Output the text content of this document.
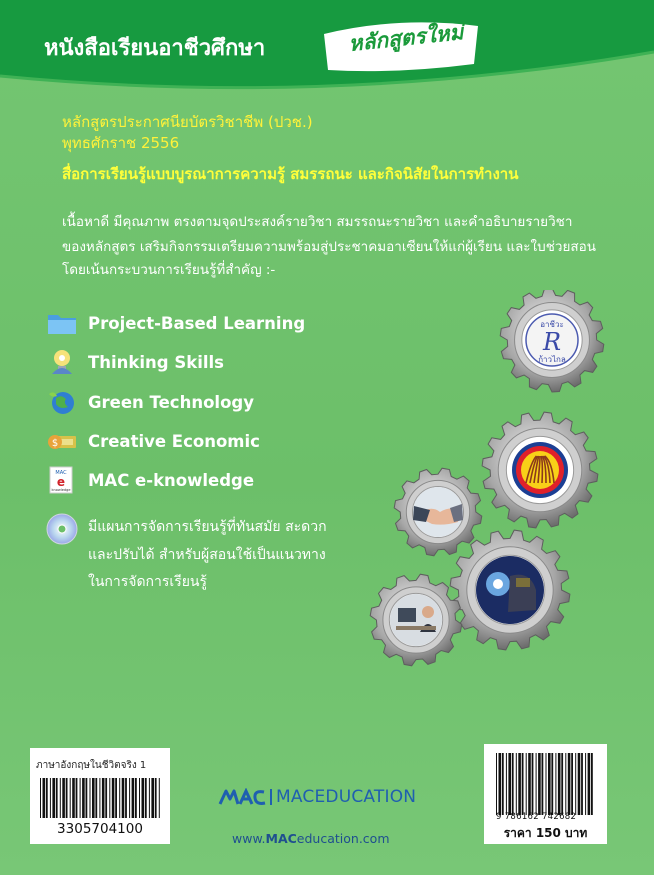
หนังสือเรียนอาชีวศึกษา	หลักสูตรใหม่
หลักสูตรประกาศนียบัตรวิชาชีพ (ปวช.)
พุทธศักราช 2556
สื่อการเรียนรู้แบบบูรณาการความรู้ สมรรถนะ และกิจนิสัยในการทำงาน
เนื้อหาดี มีคุณภาพ ตรงตามจุดประสงค์รายวิชา สมรรถนะรายวิชา และคำอธิบายรายวิชา
ของหลักสูตร เสริมกิจกรรมเตรียมความพร้อมสู่ประชาคมอาเซียนให้แก่ผู้เรียน และใบช่วยสอน
โดยเน้นกระบวนการเรียนรู้ที่สำคัญ :-
Project-Based Learning
Thinking Skills
Green Technology
$ Creative Economic
MAC
e
knowledge
MAC e-knowledge
มีแผนการจัดการเรียนรู้ที่ทันสมัย สะดวก
และปรับได้ สำหรับผู้สอนใช้เป็นแนวทาง
ในการจัดการเรียนรู้
อาชีวะ
R
ก้าวไกล
ภาษาอังกฤษในชีวิตจริง 1
3305704100
9 786162 742682
ราคา 150 บาท
MACEDUCATION
www.MACeducation.com
